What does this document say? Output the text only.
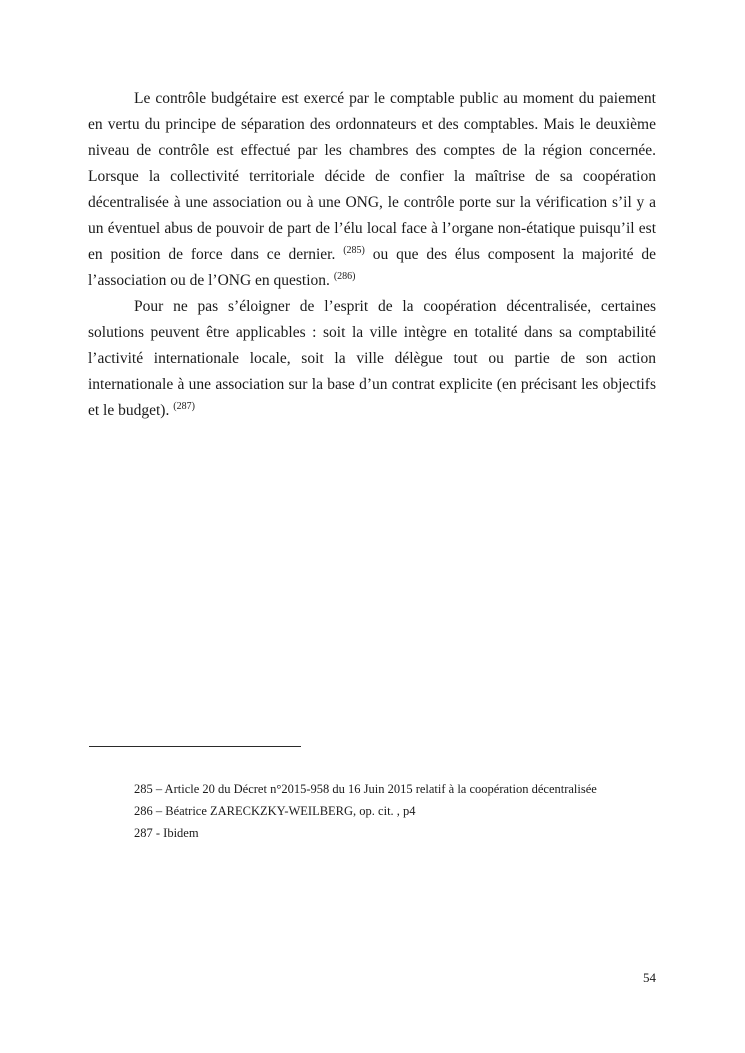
Le contrôle budgétaire est exercé par le comptable public au moment du paiement en vertu du principe de séparation des ordonnateurs et des comptables. Mais le deuxième niveau de contrôle est effectué par les chambres des comptes de la région concernée. Lorsque la collectivité territoriale décide de confier la maîtrise de sa coopération décentralisée à une association ou à une ONG, le contrôle porte sur la vérification s’il y a un éventuel abus de pouvoir de part de l’élu local face à l’organe non-étatique puisqu’il est en position de force dans ce dernier. $^{(285)}$ ou que des élus composent la majorité de l’association ou de l’ONG en question. $^{(286)}$

Pour ne pas s’éloigner de l’esprit de la coopération décentralisée, certaines solutions peuvent être applicables : soit la ville intègre en totalité dans sa comptabilité l’activité internationale locale, soit la ville délègue tout ou partie de son action internationale à une association sur la base d’un contrat explicite (en précisant les objectifs et le budget). $^{(287)}$

285 – Article 20 du Décret n°2015-958 du 16 Juin 2015 relatif à la coopération décentralisée

286 – Béatrice ZARECKZKY-WEILBERG, op. cit. , p4

287 - Ibidem

54
